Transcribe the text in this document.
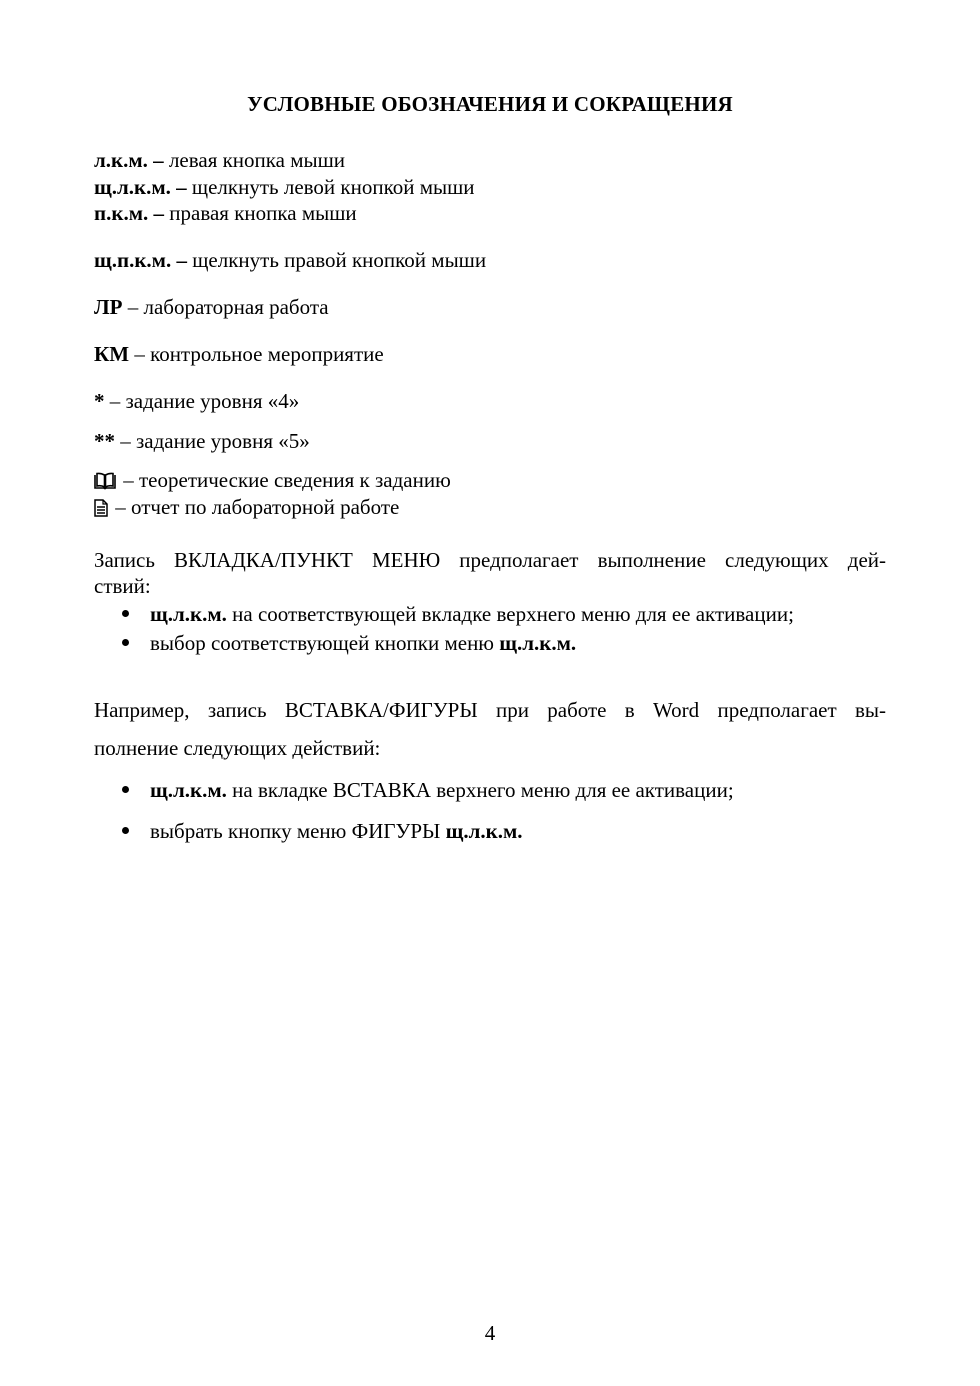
УСЛОВНЫЕ ОБОЗНАЧЕНИЯ И СОКРАЩЕНИЯ
л.к.м. – левая кнопка мыши
щ.л.к.м. – щелкнуть левой кнопкой мыши
п.к.м. – правая кнопка мыши
щ.п.к.м. – щелкнуть правой кнопкой мыши
ЛР – лабораторная работа
КМ – контрольное мероприятие
* – задание уровня «4»
** – задание уровня «5»
– теоретические сведения к заданию
– отчет по лабораторной работе
Запись ВКЛАДКА/ПУНКТ МЕНЮ предполагает выполнение следующих дей-
ствий:
щ.л.к.м. на соответствующей вкладке верхнего меню для ее активации;
выбор соответствующей кнопки меню щ.л.к.м.
Например, запись ВСТАВКА/ФИГУРЫ при работе в Word предполагает вы-
полнение следующих действий:
щ.л.к.м. на вкладке ВСТАВКА верхнего меню для ее активации;
выбрать кнопку меню ФИГУРЫ щ.л.к.м.
4
